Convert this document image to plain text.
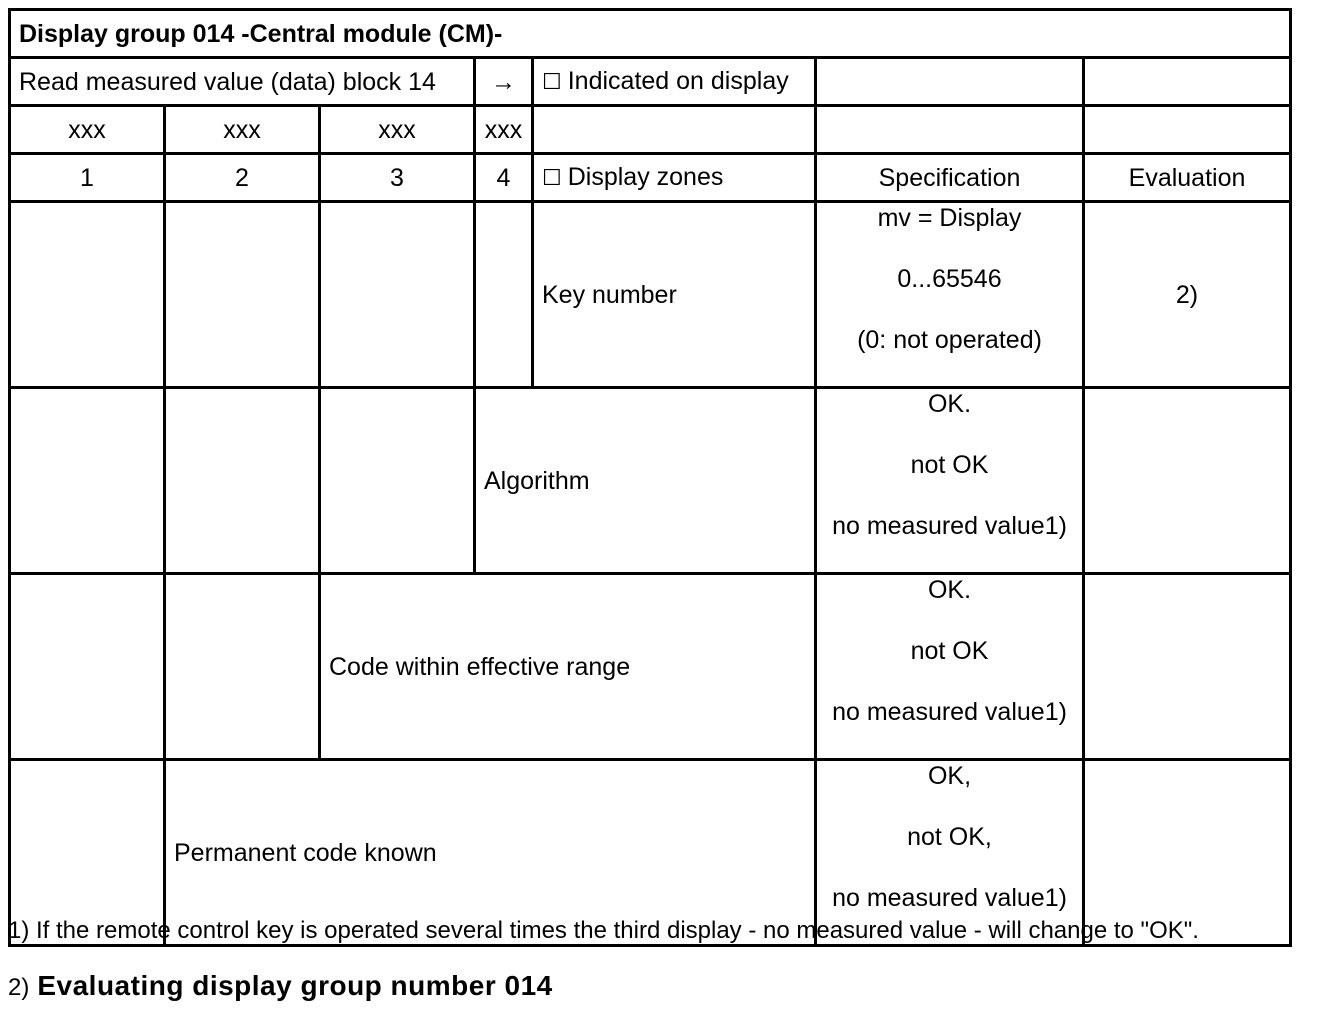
Display group 014 -Central module (CM)-						
Read measured value (data) block 14			→	☐ Indicated on display		
xxx	xxx	xxx	xxx			
1	2	3	4	☐ Display zones	Specification	Evaluation
				Key number	mv = Display
0...65546
(0: not operated)	2)
			Algorithm		OK.
not OK
no measured value1)	

		Code within effective range			OK.
not OK
no measured value1)	

	Permanent code known				OK,
not OK,
no measured value1)	

1) If the remote control key is operated several times the third display - no measured value - will change to "OK".
2) Evaluating display group number 014
